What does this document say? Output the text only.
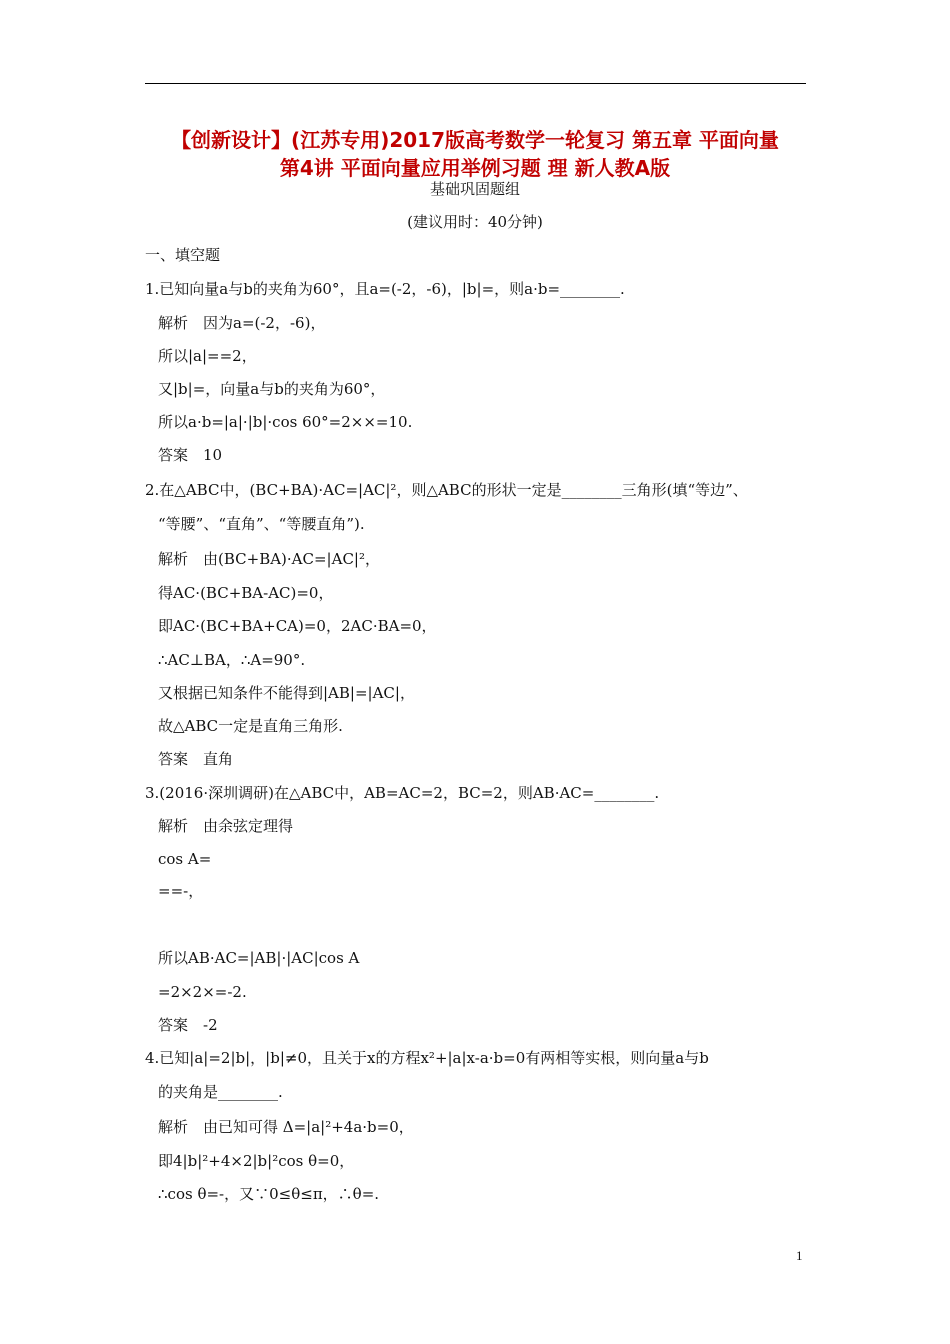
【创新设计】(江苏专用)2017版高考数学一轮复习 第五章 平面向量
第4讲 平面向量应用举例习题 理 新人教A版
基础巩固题组
(建议用时：40分钟)
一、填空题
1.已知向量a与b的夹角为60°，且a=(-2，-6)，|b|=，则a·b=________.
解析　因为a=(-2，-6)，
所以|a|==2，
又|b|=，向量a与b的夹角为60°，
所以a·b=|a|·|b|·cos 60°=2××=10.
答案　10
2.在△ABC中，(BC+BA)·AC=|AC|²，则△ABC的形状一定是________三角形(填“等边”、
“等腰”、“直角”、“等腰直角”).
解析　由(BC+BA)·AC=|AC|²，
得AC·(BC+BA-AC)=0，
即AC·(BC+BA+CA)=0，2AC·BA=0，
∴AC⊥BA，∴A=90°.
又根据已知条件不能得到|AB|=|AC|，
故△ABC一定是直角三角形.
答案　直角
3.(2016·深圳调研)在△ABC中，AB=AC=2，BC=2，则AB·AC=________.
解析　由余弦定理得
cos A=
==-，
所以AB·AC=|AB|·|AC|cos A
=2×2×=-2.
答案　-2
4.已知|a|=2|b|，|b|≠0，且关于x的方程x²+|a|x-a·b=0有两相等实根，则向量a与b
的夹角是________.
解析　由已知可得 Δ=|a|²+4a·b=0，
即4|b|²+4×2|b|²cos θ=0，
∴cos θ=-，又∵0≤θ≤π，∴θ=.
1
